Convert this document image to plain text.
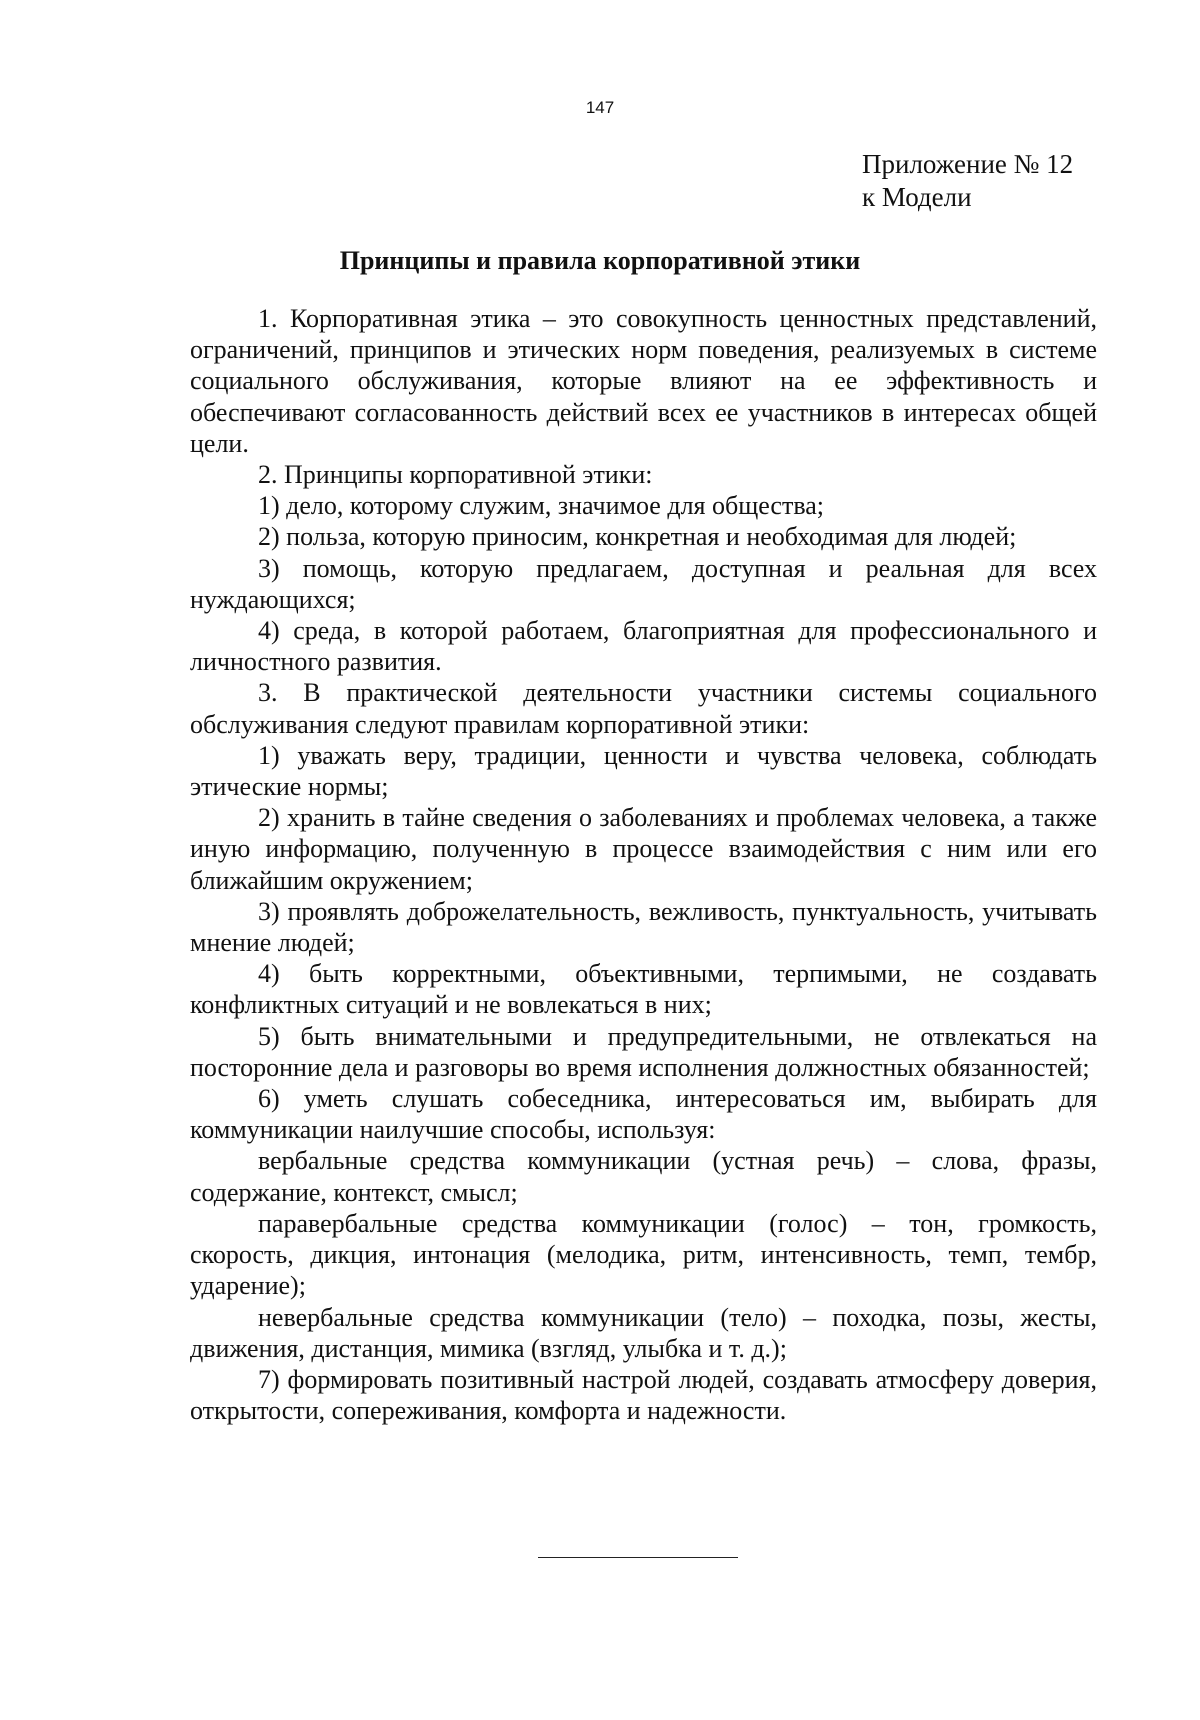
147
Приложение № 12
к Модели
Принципы и правила корпоративной этики

1. Корпоративная этика – это совокупность ценностных представлений, ограничений, принципов и этических норм поведения, реализуемых в системе социального обслуживания, которые влияют на ее эффективность и обеспечивают согласованность действий всех ее участников в интересах общей цели.

2. Принципы корпоративной этики:

1) дело, которому служим, значимое для общества;

2) польза, которую приносим, конкретная и необходимая для людей;

3) помощь, которую предлагаем, доступная и реальная для всех нуждающихся;

4) среда, в которой работаем, благоприятная для профессионального и личностного развития.

3. В практической деятельности участники системы социального обслуживания следуют правилам корпоративной этики:

1) уважать веру, традиции, ценности и чувства человека, соблюдать этические нормы;

2) хранить в тайне сведения о заболеваниях и проблемах человека, а также иную информацию, полученную в процессе взаимодействия с ним или его ближайшим окружением;

3) проявлять доброжелательность, вежливость, пунктуальность, учитывать мнение людей;

4) быть корректными, объективными, терпимыми, не создавать конфликтных ситуаций и не вовлекаться в них;

5) быть внимательными и предупредительными, не отвлекаться на посторонние дела и разговоры во время исполнения должностных обязанностей;

6) уметь слушать собеседника, интересоваться им, выбирать для коммуникации наилучшие способы, используя:

вербальные средства коммуникации (устная речь) – слова, фразы, содержание, контекст, смысл;

паравербальные средства коммуникации (голос) – тон, громкость, скорость, дикция, интонация (мелодика, ритм, интенсивность, темп, тембр, ударение);

невербальные средства коммуникации (тело) – походка, позы, жесты, движения, дистанция, мимика (взгляд, улыбка и т. д.);

7) формировать позитивный настрой людей, создавать атмосферу доверия, открытости, сопереживания, комфорта и надежности.
